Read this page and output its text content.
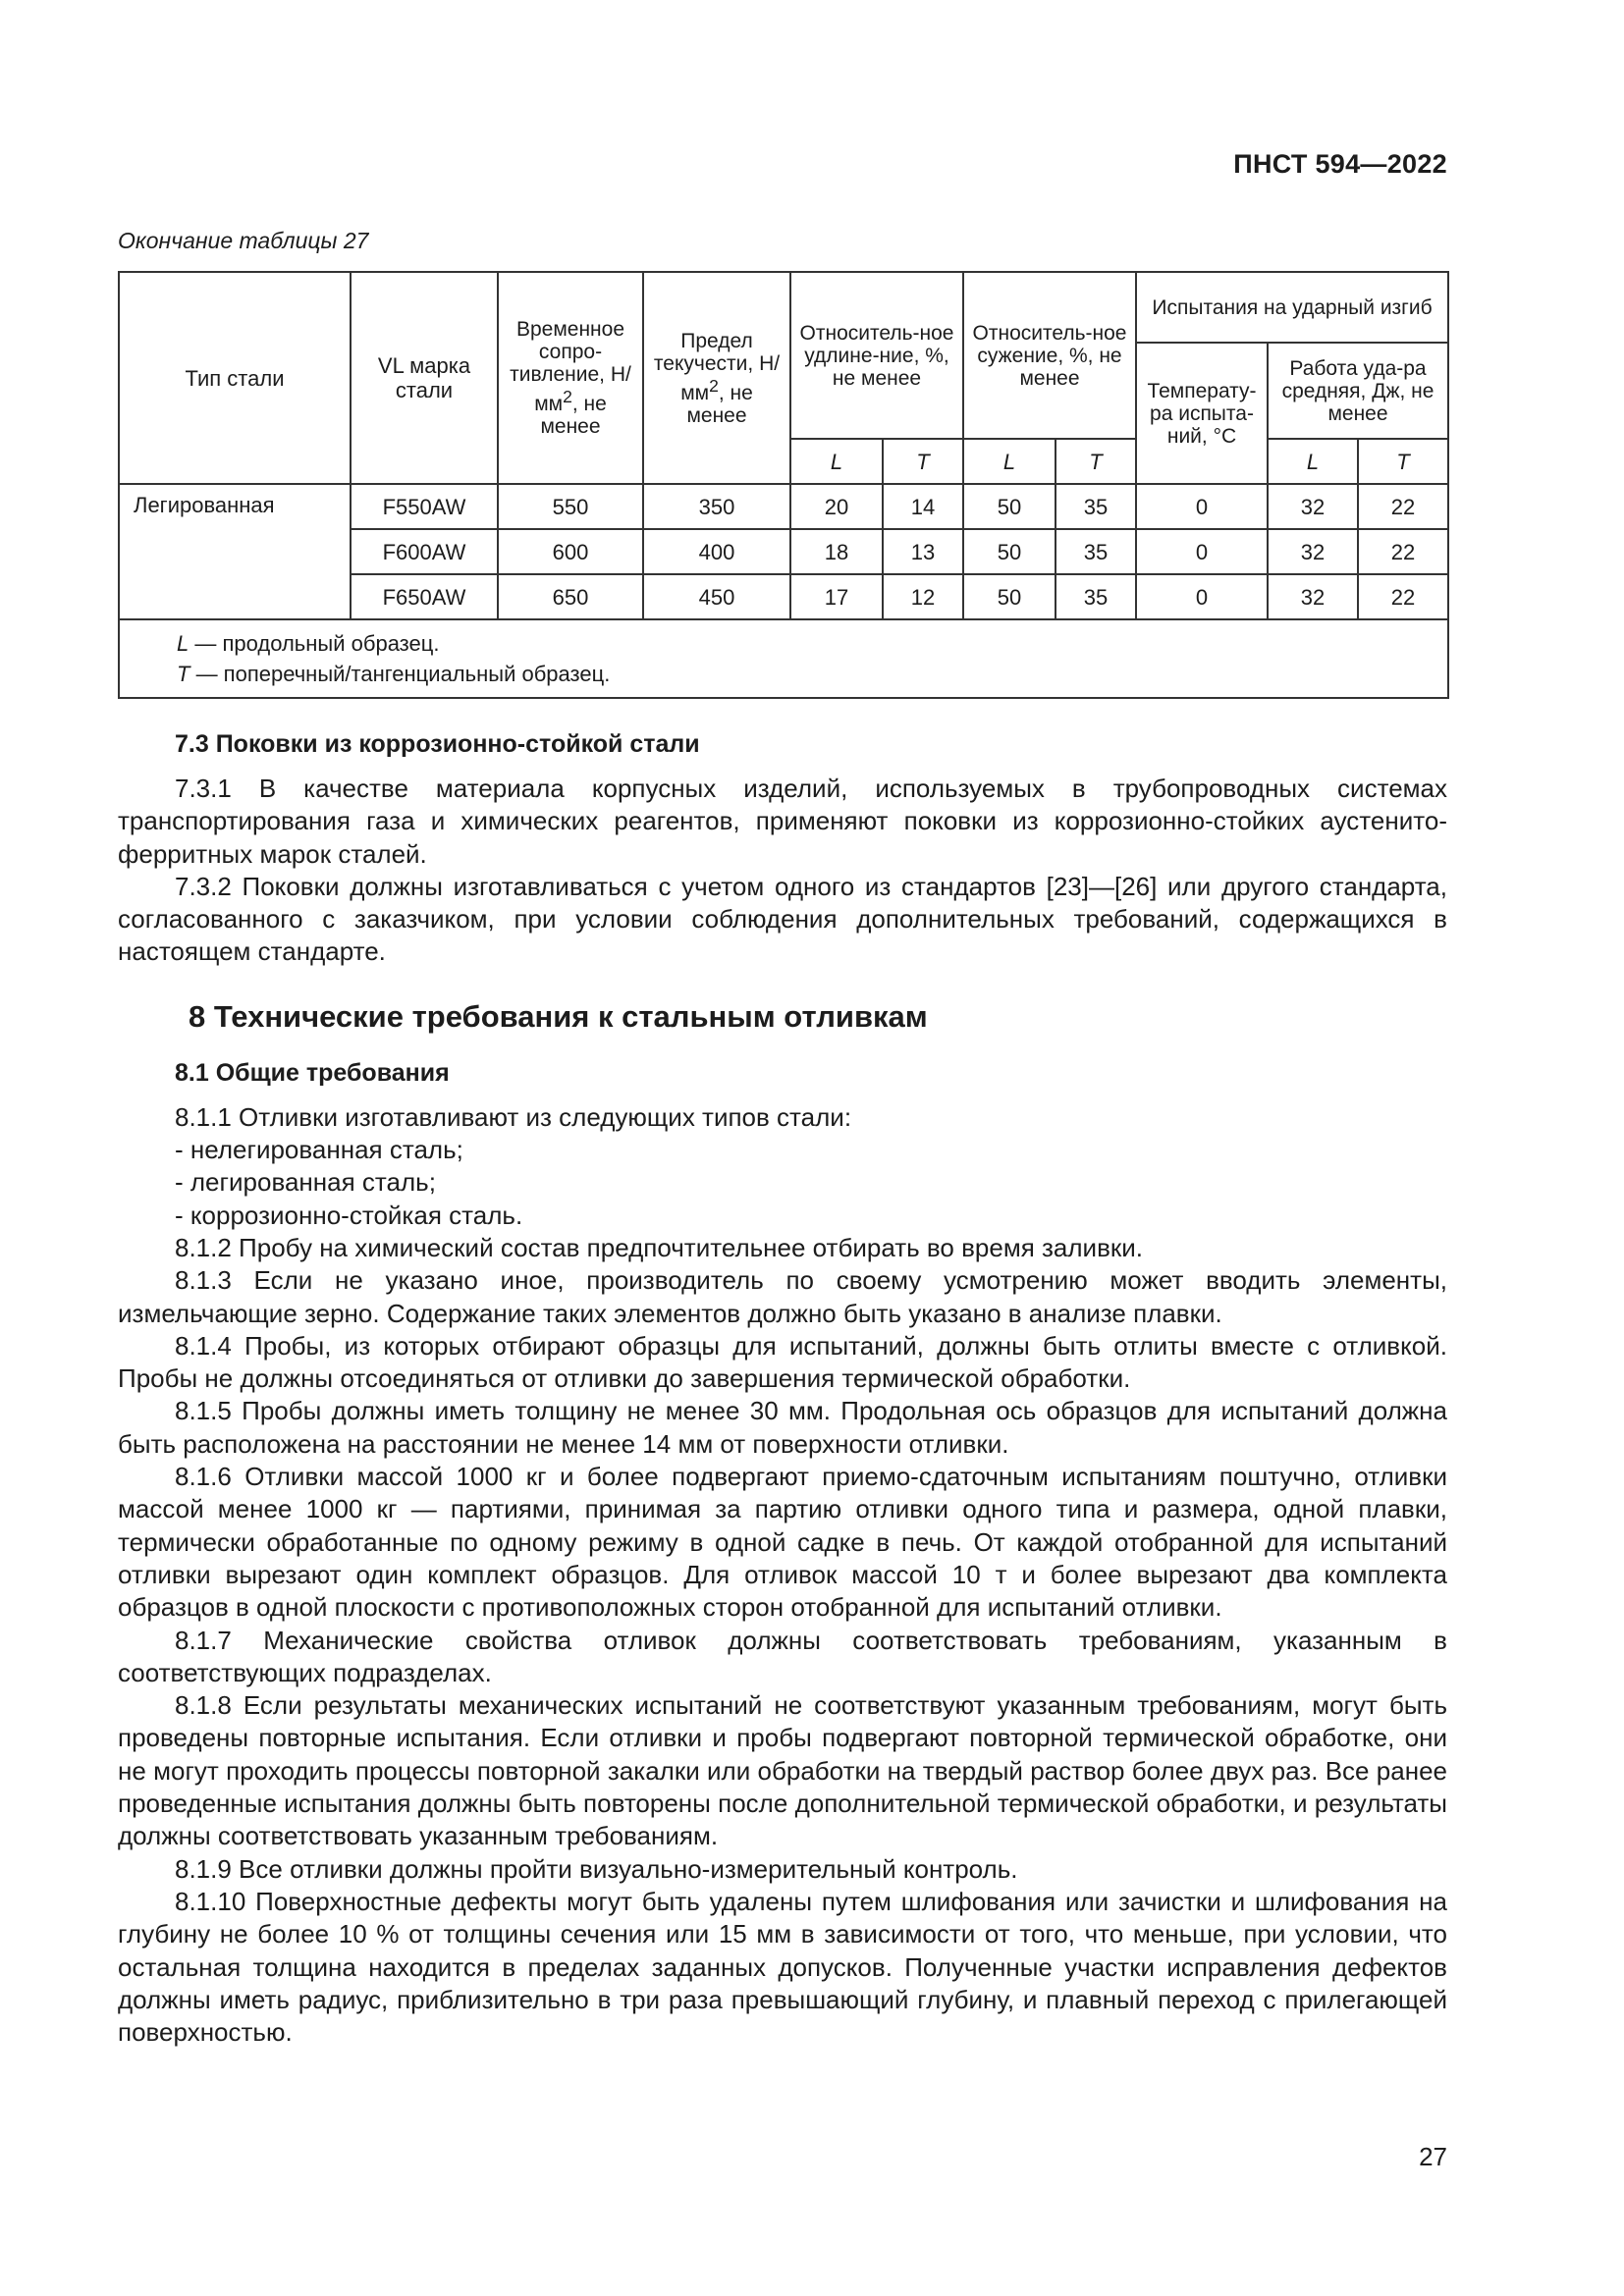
ПНСТ 594—2022
Окончание таблицы 27
Тип стали	VL марка стали	Временное сопро-тивление, $Н/мм^2$, не менее	Предел текучести, $Н/мм^2$, не менее	Относитель-ное удлине-ние, %, не менее		Относитель-ное сужение, %, не менее		Испытания на ударный изгиб		
								Температу-ра испыта-ний, °C	Работа уда-ра средняя, Дж, не менее	
				L	T	L	T		L	T
Легированная	F550AW	550	350	20	14	50	35	0	32	22
	F600AW	600	400	18	13	50	35	0	32	22
	F650AW	650	450	17	12	50	35	0	32	22

L — продольный образец.
T — поперечный/тангенциальный образец.										
7.3 Поковки из коррозионно-стойкой стали

7.3.1 В качестве материала корпусных изделий, используемых в трубопроводных системах транспортирования газа и химических реагентов, применяют поковки из коррозионно-стойких аустенито-ферритных марок сталей.

7.3.2 Поковки должны изготавливаться с учетом одного из стандартов [23]—[26] или другого стандарта, согласованного с заказчиком, при условии соблюдения дополнительных требований, содержащихся в настоящем стандарте.

8 Технические требования к стальным отливкам
8.1 Общие требования

8.1.1 Отливки изготавливают из следующих типов стали:

- нелегированная сталь;

- легированная сталь;

- коррозионно-стойкая сталь.

8.1.2 Пробу на химический состав предпочтительнее отбирать во время заливки.

8.1.3 Если не указано иное, производитель по своему усмотрению может вводить элементы, измельчающие зерно. Содержание таких элементов должно быть указано в анализе плавки.

8.1.4 Пробы, из которых отбирают образцы для испытаний, должны быть отлиты вместе с отливкой. Пробы не должны отсоединяться от отливки до завершения термической обработки.

8.1.5 Пробы должны иметь толщину не менее 30 мм. Продольная ось образцов для испытаний должна быть расположена на расстоянии не менее 14 мм от поверхности отливки.

8.1.6 Отливки массой 1000 кг и более подвергают приемо-сдаточным испытаниям поштучно, отливки массой менее 1000 кг — партиями, принимая за партию отливки одного типа и размера, одной плавки, термически обработанные по одному режиму в одной садке в печь. От каждой отобранной для испытаний отливки вырезают один комплект образцов. Для отливок массой 10 т и более вырезают два комплекта образцов в одной плоскости с противоположных сторон отобранной для испытаний отливки.

8.1.7 Механические свойства отливок должны соответствовать требованиям, указанным в соответствующих подразделах.

8.1.8 Если результаты механических испытаний не соответствуют указанным требованиям, могут быть проведены повторные испытания. Если отливки и пробы подвергают повторной термической обработке, они не могут проходить процессы повторной закалки или обработки на твердый раствор более двух раз. Все ранее проведенные испытания должны быть повторены после дополнительной термической обработки, и результаты должны соответствовать указанным требованиям.

8.1.9 Все отливки должны пройти визуально-измерительный контроль.

8.1.10 Поверхностные дефекты могут быть удалены путем шлифования или зачистки и шлифования на глубину не более 10 % от толщины сечения или 15 мм в зависимости от того, что меньше, при условии, что остальная толщина находится в пределах заданных допусков. Полученные участки исправления дефектов должны иметь радиус, приблизительно в три раза превышающий глубину, и плавный переход с прилегающей поверхностью.

27
